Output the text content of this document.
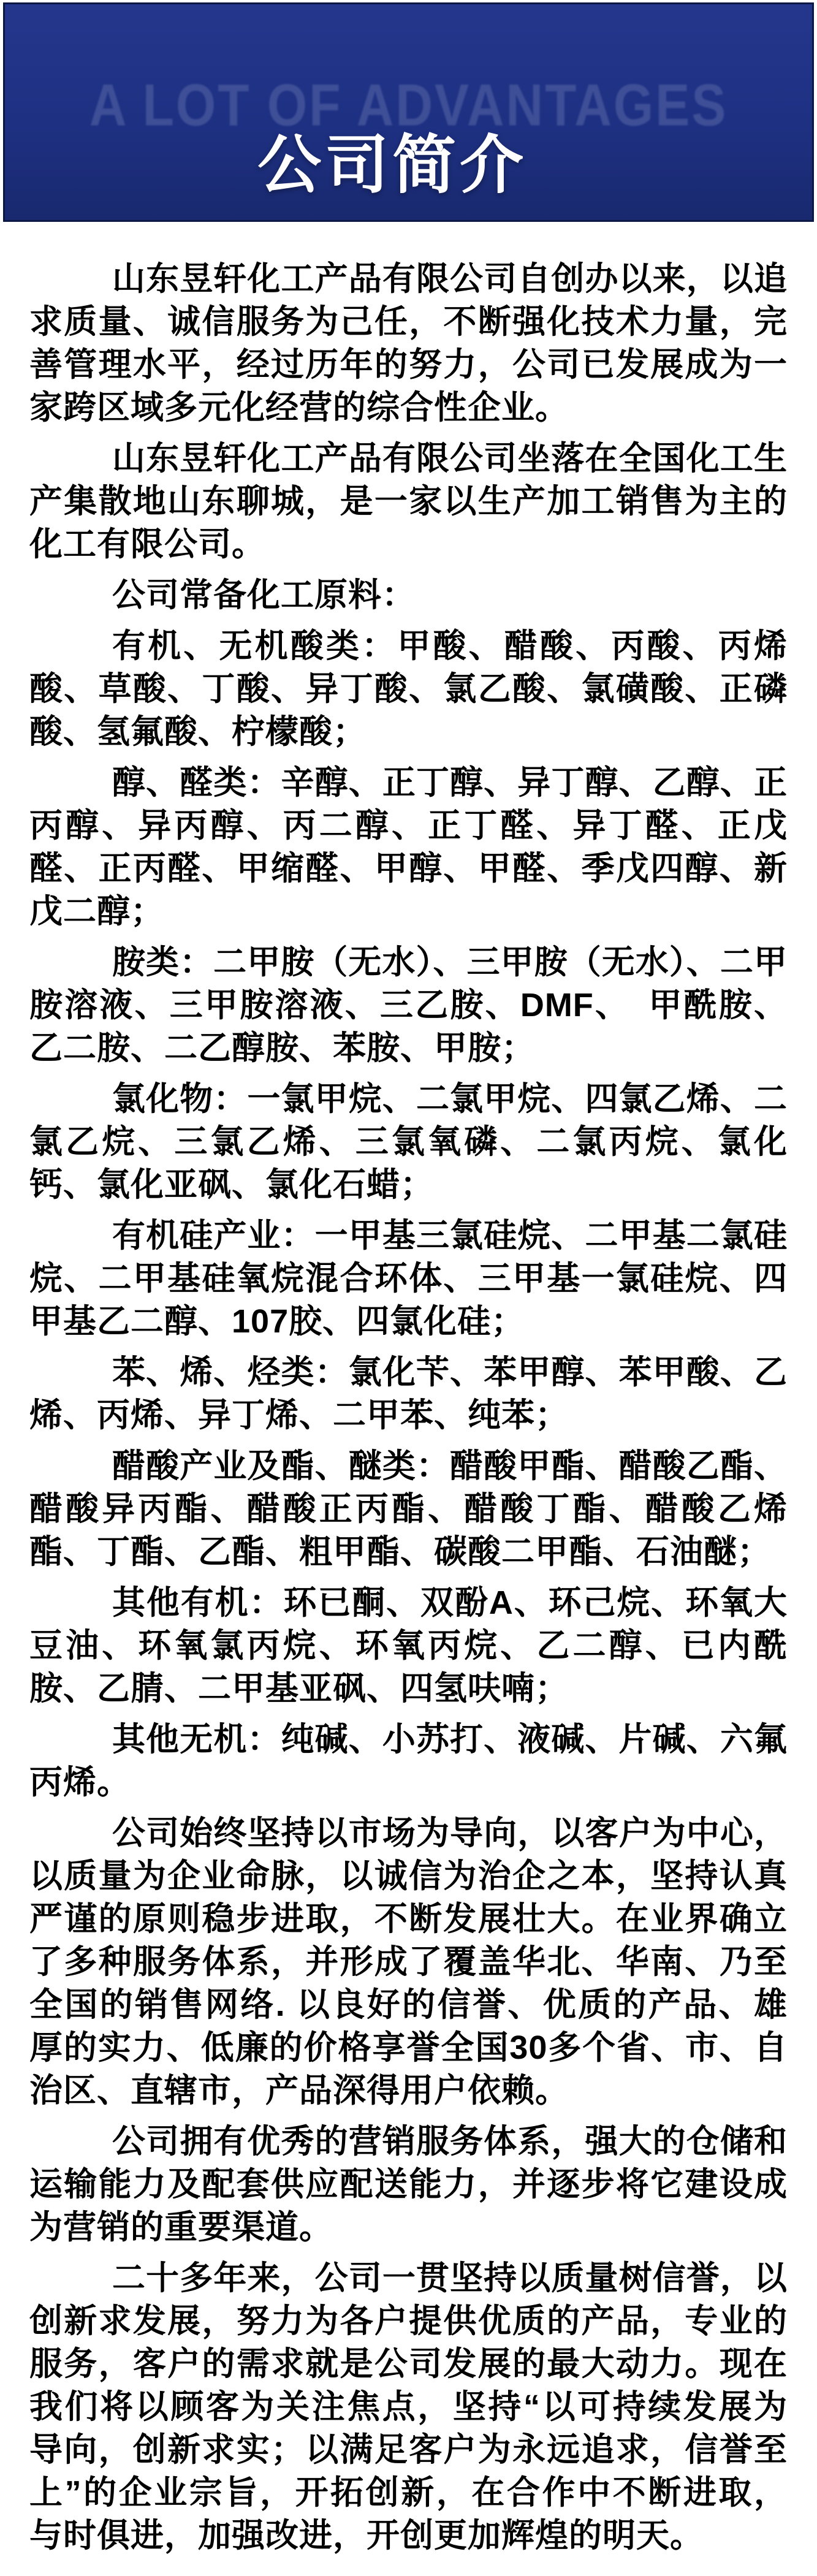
A LOT OF ADVANTAGES
公司简介

山东昱轩化工产品有限公司自创办以来，以追求质量、诚信服务为己任，不断强化技术力量，完善管理水平，经过历年的努力，公司已发展成为一家跨区域多元化经营的综合性企业。

山东昱轩化工产品有限公司坐落在全国化工生产集散地山东聊城，是一家以生产加工销售为主的化工有限公司。

公司常备化工原料：

有机、无机酸类：甲酸、醋酸、丙酸、丙烯酸、草酸、丁酸、异丁酸、氯乙酸、氯磺酸、正磷酸、氢氟酸、柠檬酸；

醇、醛类：辛醇、正丁醇、异丁醇、乙醇、正丙醇、异丙醇、丙二醇、正丁醛、异丁醛、正戊醛、正丙醛、甲缩醛、甲醇、甲醛、季戊四醇、新戊二醇；

胺类：二甲胺（无水）、三甲胺（无水）、二甲胺溶液、三甲胺溶液、三乙胺、DMF、　甲酰胺、乙二胺、二乙醇胺、苯胺、甲胺；

氯化物：一氯甲烷、二氯甲烷、四氯乙烯、二氯乙烷、三氯乙烯、三氯氧磷、二氯丙烷、氯化钙、氯化亚砜、氯化石蜡；

有机硅产业：一甲基三氯硅烷、二甲基二氯硅烷、二甲基硅氧烷混合环体、三甲基一氯硅烷、四甲基乙二醇、107胶、四氯化硅；

苯、烯、烃类：氯化苄、苯甲醇、苯甲酸、乙烯、丙烯、异丁烯、二甲苯、纯苯；

醋酸产业及酯、醚类：醋酸甲酯、醋酸乙酯、醋酸异丙酯、醋酸正丙酯、醋酸丁酯、醋酸乙烯酯、丁酯、乙酯、粗甲酯、碳酸二甲酯、石油醚；

其他有机：环已酮、双酚A、环己烷、环氧大豆油、环氧氯丙烷、环氧丙烷、乙二醇、已内酰胺、乙腈、二甲基亚砜、四氢呋喃；

其他无机：纯碱、小苏打、液碱、片碱、六氟丙烯。

公司始终坚持以市场为导向，以客户为中心，以质量为企业命脉，以诚信为治企之本，坚持认真严谨的原则稳步进取，不断发展壮大。在业界确立了多种服务体系，并形成了覆盖华北、华南、乃至全国的销售网络. 以良好的信誉、优质的产品、雄厚的实力、低廉的价格享誉全国30多个省、市、自治区、直辖市，产品深得用户依赖。

公司拥有优秀的营销服务体系，强大的仓储和运输能力及配套供应配送能力，并逐步将它建设成为营销的重要渠道。

二十多年来，公司一贯坚持以质量树信誉，以创新求发展，努力为各户提供优质的产品，专业的服务，客户的需求就是公司发展的最大动力。现在我们将以顾客为关注焦点，坚持“以可持续发展为导向，创新求实；以满足客户为永远追求，信誉至上”的企业宗旨，开拓创新，在合作中不断进取，与时俱进，加强改进，开创更加辉煌的明天。
